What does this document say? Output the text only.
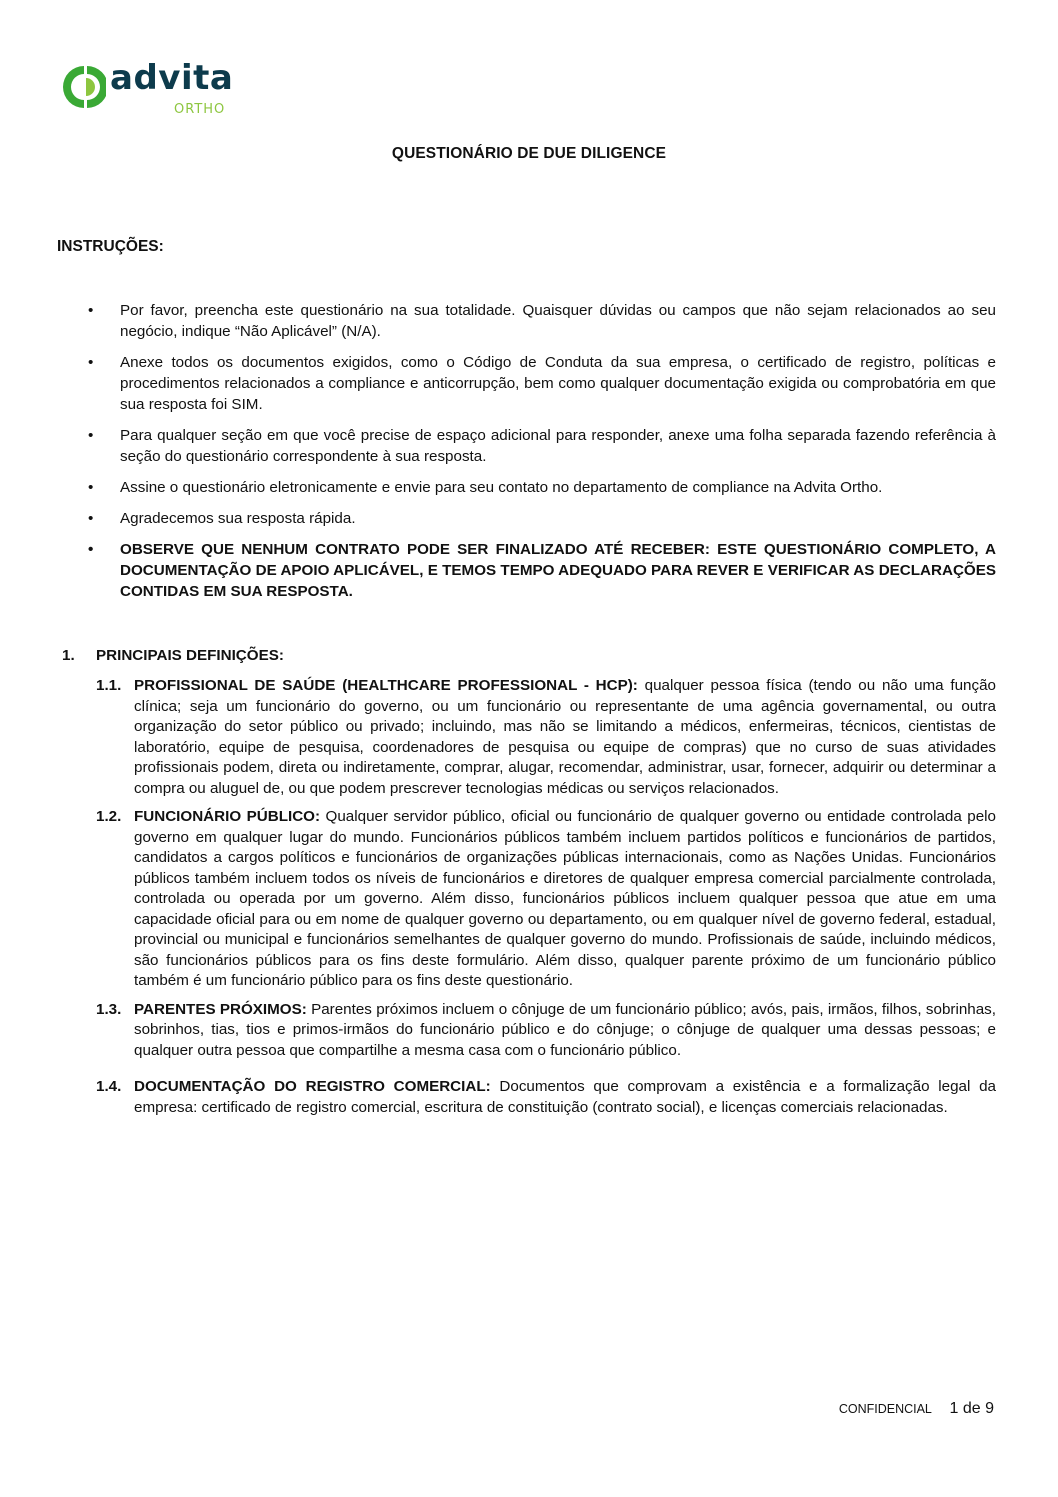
advita
ORTHO
QUESTIONÁRIO DE DUE DILIGENCE
INSTRUÇÕES:
• Por favor, preencha este questionário na sua totalidade. Quaisquer dúvidas ou campos que não sejam relacionados ao seu negócio, indique “Não Aplicável” (N/A).
• Anexe todos os documentos exigidos, como o Código de Conduta da sua empresa, o certificado de registro, políticas e procedimentos relacionados a compliance e anticorrupção, bem como qualquer documentação exigida ou comprobatória em que sua resposta foi SIM.
• Para qualquer seção em que você precise de espaço adicional para responder, anexe uma folha separada fazendo referência à seção do questionário correspondente à sua resposta.
• Assine o questionário eletronicamente e envie para seu contato no departamento de compliance na Advita Ortho.
• Agradecemos sua resposta rápida.
• OBSERVE QUE NENHUM CONTRATO PODE SER FINALIZADO ATÉ RECEBER: ESTE QUESTIONÁRIO COMPLETO, A DOCUMENTAÇÃO DE APOIO APLICÁVEL, E TEMOS TEMPO ADEQUADO PARA REVER E VERIFICAR AS DECLARAÇÕES CONTIDAS EM SUA RESPOSTA.
1. PRINCIPAIS DEFINIÇÕES:
1.1. PROFISSIONAL DE SAÚDE (HEALTHCARE PROFESSIONAL - HCP): qualquer pessoa física (tendo ou não uma função clínica; seja um funcionário do governo, ou um funcionário ou representante de uma agência governamental, ou outra organização do setor público ou privado; incluindo, mas não se limitando a médicos, enfermeiras, técnicos, cientistas de laboratório, equipe de pesquisa, coordenadores de pesquisa ou equipe de compras) que no curso de suas atividades profissionais podem, direta ou indiretamente, comprar, alugar, recomendar, administrar, usar, fornecer, adquirir ou determinar a compra ou aluguel de, ou que podem prescrever tecnologias médicas ou serviços relacionados.
1.2. FUNCIONÁRIO PÚBLICO: Qualquer servidor público, oficial ou funcionário de qualquer governo ou entidade controlada pelo governo em qualquer lugar do mundo. Funcionários públicos também incluem partidos políticos e funcionários de partidos, candidatos a cargos políticos e funcionários de organizações públicas internacionais, como as Nações Unidas. Funcionários públicos também incluem todos os níveis de funcionários e diretores de qualquer empresa comercial parcialmente controlada, controlada ou operada por um governo. Além disso, funcionários públicos incluem qualquer pessoa que atue em uma capacidade oficial para ou em nome de qualquer governo ou departamento, ou em qualquer nível de governo federal, estadual, provincial ou municipal e funcionários semelhantes de qualquer governo do mundo. Profissionais de saúde, incluindo médicos, são funcionários públicos para os fins deste formulário. Além disso, qualquer parente próximo de um funcionário público também é um funcionário público para os fins deste questionário.
1.3. PARENTES PRÓXIMOS: Parentes próximos incluem o cônjuge de um funcionário público; avós, pais, irmãos, filhos, sobrinhas, sobrinhos, tias, tios e primos-irmãos do funcionário público e do cônjuge; o cônjuge de qualquer uma dessas pessoas; e qualquer outra pessoa que compartilhe a mesma casa com o funcionário público.
1.4. DOCUMENTAÇÃO DO REGISTRO COMERCIAL: Documentos que comprovam a existência e a formalização legal da empresa: certificado de registro comercial, escritura de constituição (contrato social), e licenças comerciais relacionadas.
CONFIDENCIAL 1 de 9
